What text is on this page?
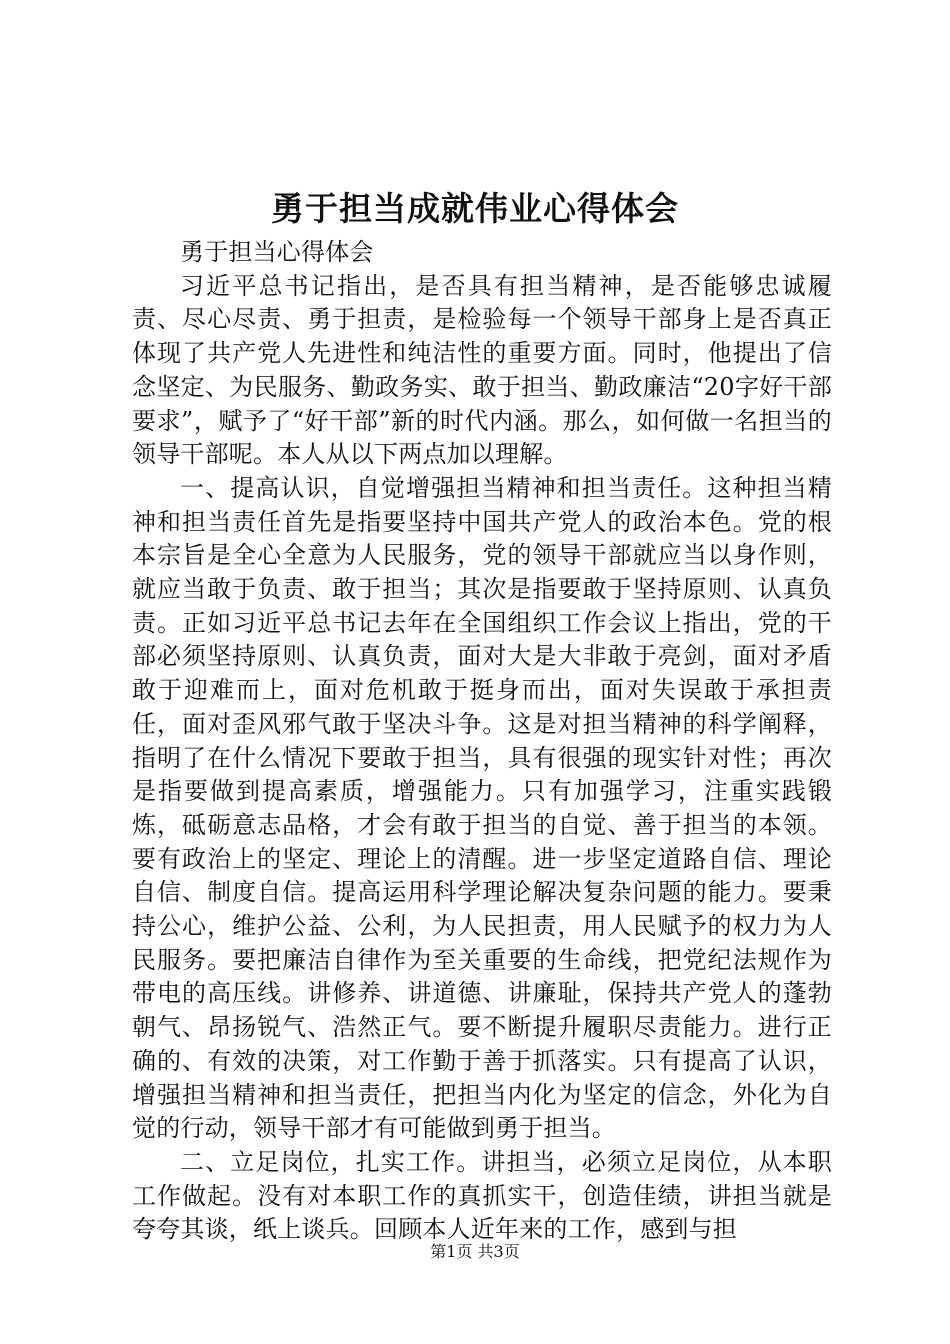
勇于担当成就伟业心得体会

勇于担当心得体会

习近平总书记指出，是否具有担当精神，是否能够忠诚履责、尽心尽责、勇于担责，是检验每一个领导干部身上是否真正体现了共产党人先进性和纯洁性的重要方面。同时，他提出了信念坚定、为民服务、勤政务实、敢于担当、勤政廉洁“20字好干部要求”，赋予了“好干部”新的时代内涵。那么，如何做一名担当的领导干部呢。本人从以下两点加以理解。

一、提高认识，自觉增强担当精神和担当责任。这种担当精神和担当责任首先是指要坚持中国共产党人的政治本色。党的根本宗旨是全心全意为人民服务，党的领导干部就应当以身作则，就应当敢于负责、敢于担当；其次是指要敢于坚持原则、认真负责。正如习近平总书记去年在全国组织工作会议上指出，党的干部必须坚持原则、认真负责，面对大是大非敢于亮剑，面对矛盾敢于迎难而上，面对危机敢于挺身而出，面对失误敢于承担责任，面对歪风邪气敢于坚决斗争。这是对担当精神的科学阐释，指明了在什么情况下要敢于担当，具有很强的现实针对性；再次是指要做到提高素质，增强能力。只有加强学习，注重实践锻炼，砥砺意志品格，才会有敢于担当的自觉、善于担当的本领。要有政治上的坚定、理论上的清醒。进一步坚定道路自信、理论自信、制度自信。提高运用科学理论解决复杂问题的能力。要秉持公心，维护公益、公利，为人民担责，用人民赋予的权力为人民服务。要把廉洁自律作为至关重要的生命线，把党纪法规作为带电的高压线。讲修养、讲道德、讲廉耻，保持共产党人的蓬勃朝气、昂扬锐气、浩然正气。要不断提升履职尽责能力。进行正确的、有效的决策，对工作勤于善于抓落实。只有提高了认识，增强担当精神和担当责任，把担当内化为坚定的信念，外化为自觉的行动，领导干部才有可能做到勇于担当。

二、立足岗位，扎实工作。讲担当，必须立足岗位，从本职工作做起。没有对本职工作的真抓实干，创造佳绩，讲担当就是夸夸其谈，纸上谈兵。回顾本人近年来的工作，感到与担

第1页 共3页
